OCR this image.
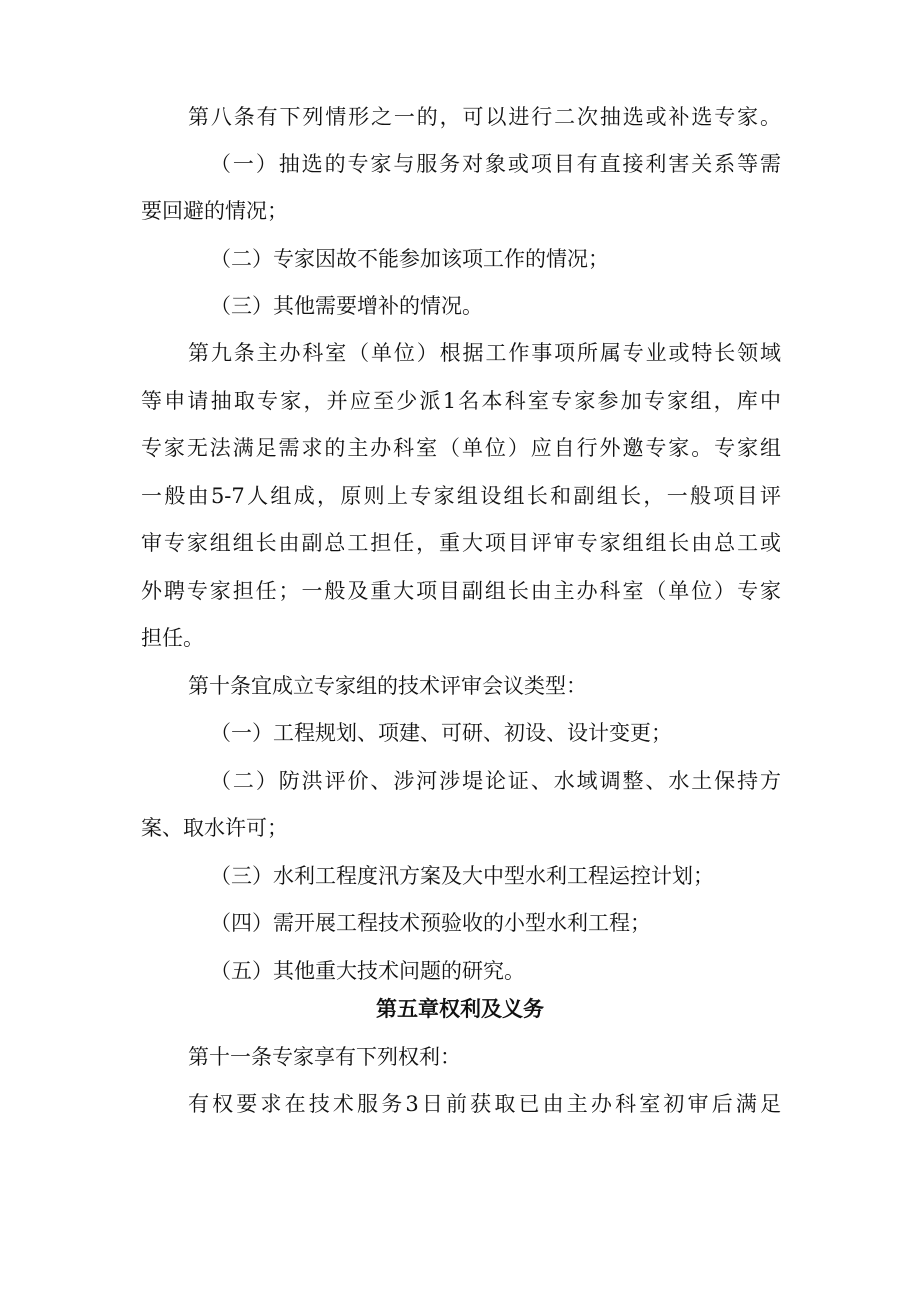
第八条有下列情形之一的，可以进行二次抽选或补选专家。
（一）抽选的专家与服务对象或项目有直接利害关系等需
要回避的情况；
（二）专家因故不能参加该项工作的情况；
（三）其他需要增补的情况。
第九条主办科室（单位）根据工作事项所属专业或特长领域
等申请抽取专家，并应至少派1名本科室专家参加专家组，库中
专家无法满足需求的主办科室（单位）应自行外邀专家。专家组
一般由5-7人组成，原则上专家组设组长和副组长，一般项目评
审专家组组长由副总工担任，重大项目评审专家组组长由总工或
外聘专家担任；一般及重大项目副组长由主办科室（单位）专家
担任。
第十条宜成立专家组的技术评审会议类型：
（一）工程规划、项建、可研、初设、设计变更；
（二）防洪评价、涉河涉堤论证、水域调整、水土保持方
案、取水许可；
（三）水利工程度汛方案及大中型水利工程运控计划；
（四）需开展工程技术预验收的小型水利工程；
（五）其他重大技术问题的研究。
第五章权利及义务
第十一条专家享有下列权利：
有权要求在技术服务3日前获取已由主办科室初审后满足
